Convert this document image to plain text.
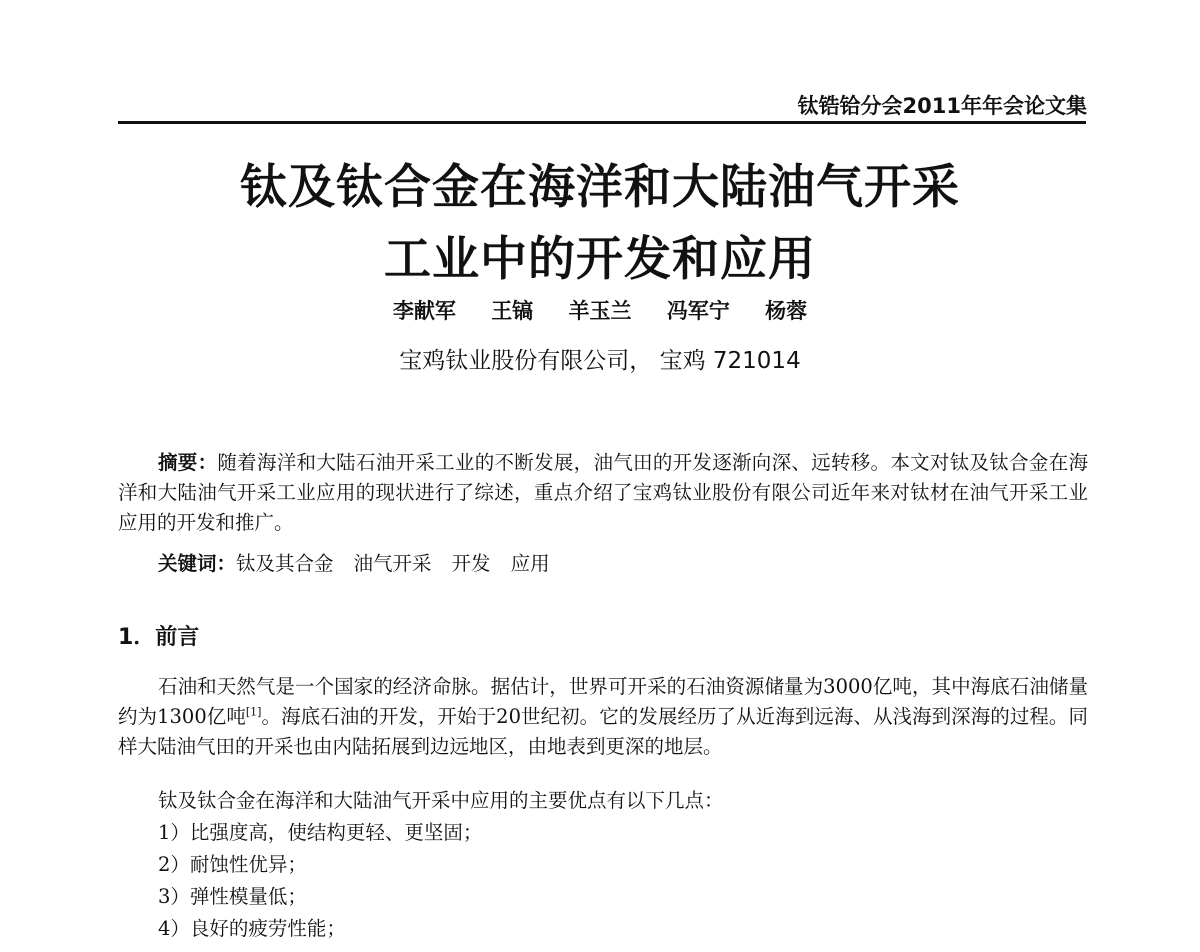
钛锆铪分会2011年年会论文集
钛及钛合金在海洋和大陆油气开采
工业中的开发和应用
李献军 王镐 羊玉兰 冯军宁 杨蓉
宝鸡钛业股份有限公司， 宝鸡 721014
摘要：随着海洋和大陆石油开采工业的不断发展，油气田的开发逐渐向深、远转移。本文对钛及钛合金在海洋和大陆油气开采工业应用的现状进行了综述，重点介绍了宝鸡钛业股份有限公司近年来对钛材在油气开采工业应用的开发和推广。
关键词：钛及其合金 油气开采 开发 应用
1．前言
石油和天然气是一个国家的经济命脉。据估计，世界可开采的石油资源储量为3000亿吨，其中海底石油储量约为1300亿吨[1]。海底石油的开发，开始于20世纪初。它的发展经历了从近海到远海、从浅海到深海的过程。同样大陆油气田的开采也由内陆拓展到边远地区，由地表到更深的地层。
钛及钛合金在海洋和大陆油气开采中应用的主要优点有以下几点：
1）比强度高，使结构更轻、更坚固；
2）耐蚀性优异；
3）弹性模量低；
4）良好的疲劳性能；
